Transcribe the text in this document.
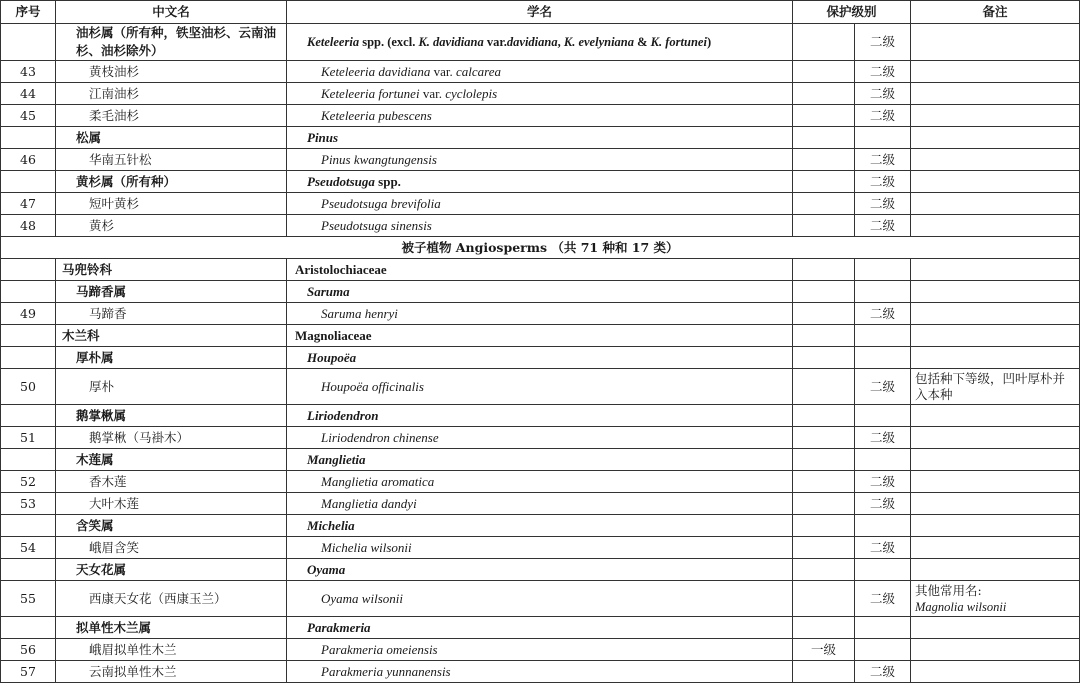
序号	中文名	学名	保护级别		备注
	油杉属（所有种，铁坚油杉、云南油杉、油杉除外）	Keteleeria spp. (excl. K. davidiana var.davidiana, K. evelyniana & K. fortunei)		二级	
43	黄枝油杉	Keteleeria davidiana var. calcarea		二级	
44	江南油杉	Keteleeria fortunei var. cyclolepis		二级	
45	柔毛油杉	Keteleeria pubescens		二级	
	松属	Pinus			
46	华南五针松	Pinus kwangtungensis		二级	
	黄杉属（所有种）	Pseudotsuga spp.		二级	
47	短叶黄杉	Pseudotsuga brevifolia		二级	
48	黄杉	Pseudotsuga sinensis		二级	
被子植物 Angiosperms （共 71 种和 17 类）					
	马兜铃科	Aristolochiaceae			
	马蹄香属	Saruma			
49	马蹄香	Saruma henryi		二级	
	木兰科	Magnoliaceae			
	厚朴属	Houpoëa			
50	厚朴	Houpoëa officinalis		二级	包括种下等级，凹叶厚朴并入本种
	鹅掌楸属	Liriodendron			
51	鹅掌楸（马褂木）	Liriodendron chinense		二级	
	木莲属	Manglietia			
52	香木莲	Manglietia aromatica		二级	
53	大叶木莲	Manglietia dandyi		二级	
	含笑属	Michelia			
54	峨眉含笑	Michelia wilsonii		二级	
	天女花属	Oyama			
55	西康天女花（西康玉兰）	Oyama wilsonii		二级	其他常用名:
Magnolia wilsonii

	拟单性木兰属	Parakmeria			
56	峨眉拟单性木兰	Parakmeria omeiensis	一级		
57	云南拟单性木兰	Parakmeria yunnanensis		二级	
